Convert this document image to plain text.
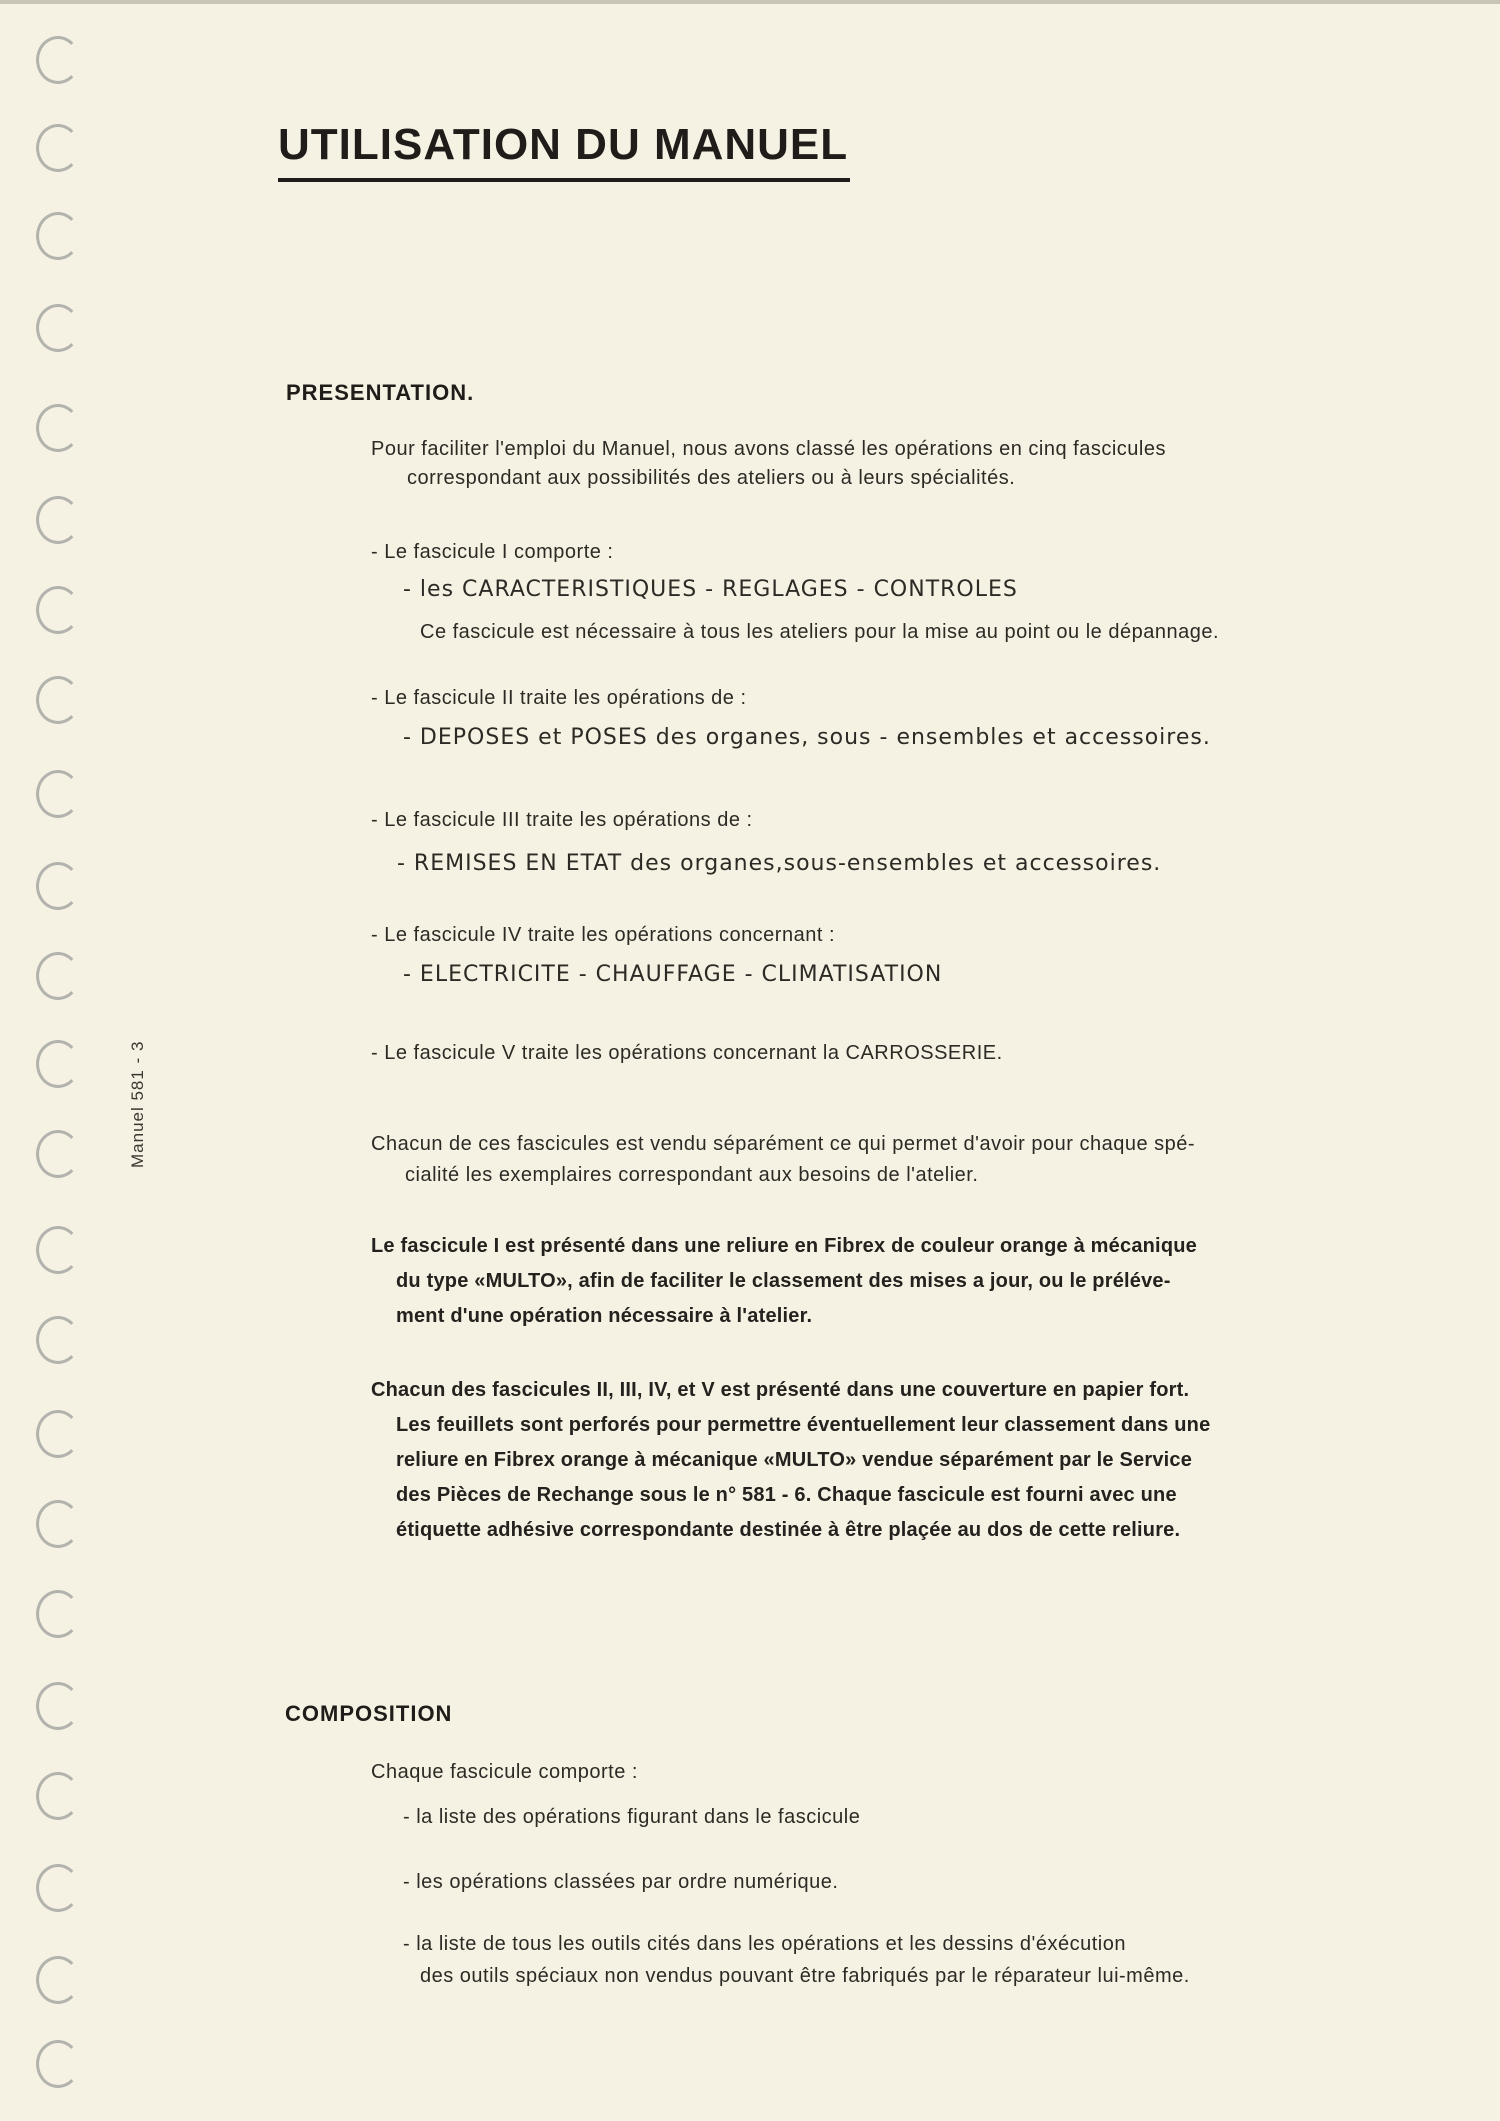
Manuel 581 - 3
UTILISATION DU MANUEL
PRESENTATION.
Pour faciliter l'emploi du Manuel, nous avons classé les opérations en cinq fascicules
correspondant aux possibilités des ateliers ou à leurs spécialités.
- Le fascicule I comporte :
- les CARACTERISTIQUES - REGLAGES - CONTROLES
Ce fascicule est nécessaire à tous les ateliers pour la mise au point ou le dépannage.
- Le fascicule II traite les opérations de :
- DEPOSES et POSES des organes, sous - ensembles et accessoires.
- Le fascicule III traite les opérations de :
- REMISES EN ETAT des organes,sous-ensembles et accessoires.
- Le fascicule IV traite les opérations concernant :
- ELECTRICITE - CHAUFFAGE - CLIMATISATION
- Le fascicule V traite les opérations concernant la CARROSSERIE.
Chacun de ces fascicules est vendu séparément ce qui permet d'avoir pour chaque spé-
cialité les exemplaires correspondant aux besoins de l'atelier.
Le fascicule I est présenté dans une reliure en Fibrex de couleur orange à mécanique
du type «MULTO», afin de faciliter le classement des mises a jour, ou le préléve-
ment d'une opération nécessaire à l'atelier.
Chacun des fascicules II, III, IV, et V est présenté dans une couverture en papier fort.
Les feuillets sont perforés pour permettre éventuellement leur classement dans une
reliure en Fibrex orange à mécanique «MULTO» vendue séparément par le Service
des Pièces de Rechange sous le n° 581 - 6. Chaque fascicule est fourni avec une
étiquette adhésive correspondante destinée à être plaçée au dos de cette reliure.
COMPOSITION
Chaque fascicule comporte :
- la liste des opérations figurant dans le fascicule
- les opérations classées par ordre numérique.
- la liste de tous les outils cités dans les opérations et les dessins d'éxécution
des outils spéciaux non vendus pouvant être fabriqués par le réparateur lui-même.
